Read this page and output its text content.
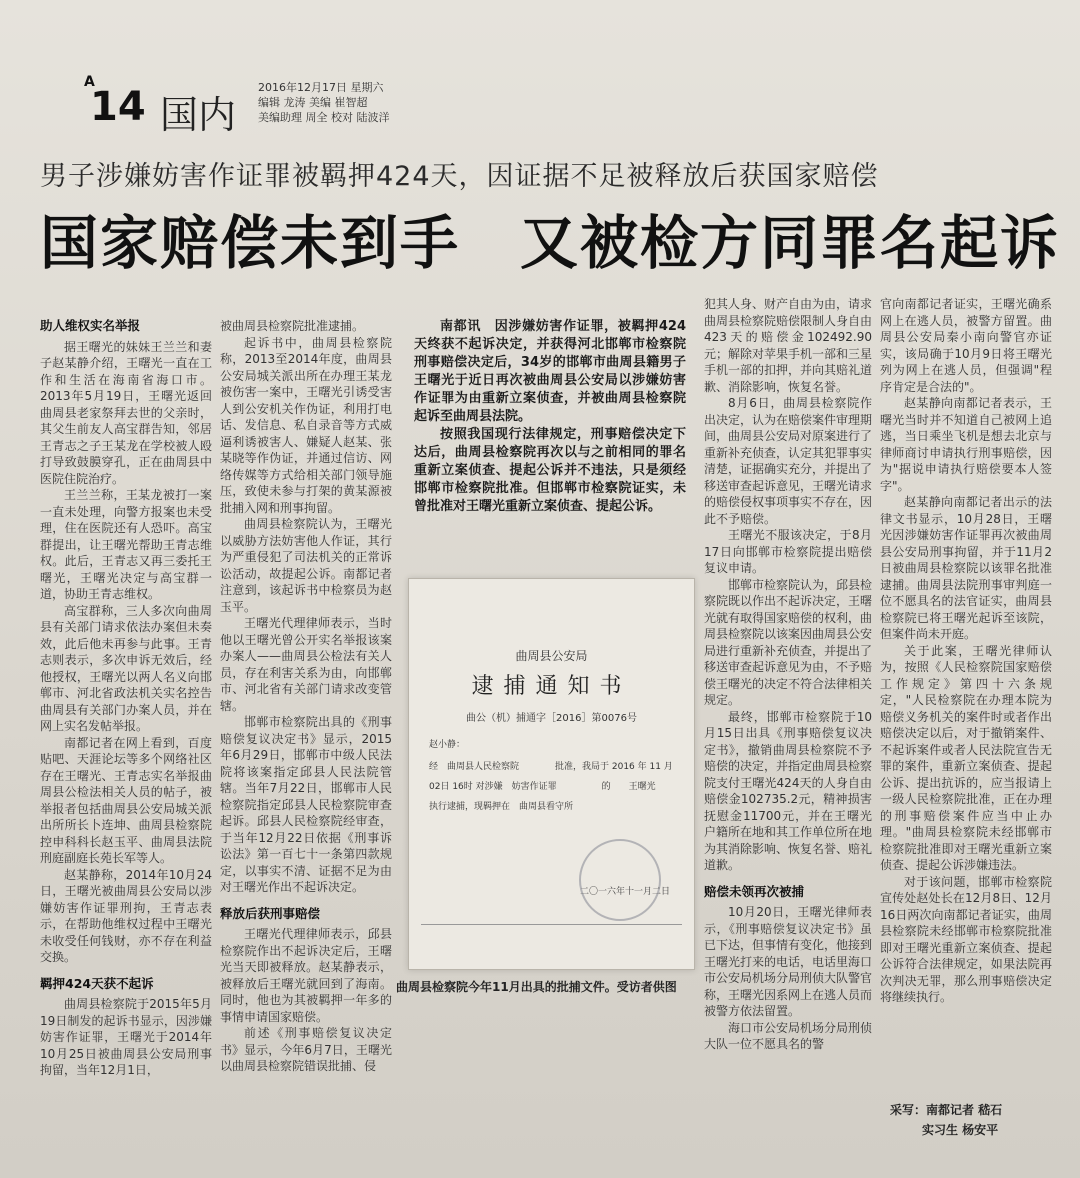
A
14 国内
2016年12月17日 星期六
编辑 龙涛 美编 崔智超
美编助理 周全 校对 陆波洋
男子涉嫌妨害作证罪被羁押424天，因证据不足被释放后获国家赔偿
国家赔偿未到手　又被检方同罪名起诉
助人维权实名举报

据王曙光的妹妹王兰兰和妻子赵某静介绍，王曙光一直在工作和生活在海南省海口市。2013年5月19日，王曙光返回曲周县老家祭拜去世的父亲时，其父生前友人高宝群告知，邻居王青志之子王某龙在学校被人殴打导致鼓膜穿孔，正在曲周县中医院住院治疗。

王兰兰称，王某龙被打一案一直未处理，向警方报案也未受理，住在医院还有人恐吓。高宝群提出，让王曙光帮助王青志维权。此后，王青志又再三委托王曙光，王曙光决定与高宝群一道，协助王青志维权。

高宝群称，三人多次向曲周县有关部门请求依法办案但未奏效，此后他未再参与此事。王青志则表示，多次申诉无效后，经他授权，王曙光以两人名义向邯郸市、河北省政法机关实名控告曲周县有关部门办案人员，并在网上实名发帖举报。

南都记者在网上看到，百度贴吧、天涯论坛等多个网络社区存在王曙光、王青志实名举报曲周县公检法相关人员的帖子，被举报者包括曲周县公安局城关派出所所长卜连坤、曲周县检察院控申科科长赵玉平、曲周县法院刑庭副庭长苑长军等人。

赵某静称，2014年10月24日，王曙光被曲周县公安局以涉嫌妨害作证罪刑拘，王青志表示，在帮助他维权过程中王曙光未收受任何钱财，亦不存在利益交换。

羁押424天获不起诉

曲周县检察院于2015年5月19日制发的起诉书显示，因涉嫌妨害作证罪，王曙光于2014年10月25日被曲周县公安局刑事拘留，当年12月1日，

被曲周县检察院批准逮捕。

起诉书中，曲周县检察院称，2013至2014年度，曲周县公安局城关派出所在办理王某龙被伤害一案中，王曙光引诱受害人到公安机关作伪证，利用打电话、发信息、私自录音等方式威逼利诱被害人、嫌疑人赵某、张某晓等作伪证，并通过信访、网络传媒等方式给相关部门领导施压，致使未参与打架的黄某源被批捕入网和刑事拘留。

曲周县检察院认为，王曙光以威胁方法妨害他人作证，其行为严重侵犯了司法机关的正常诉讼活动，故提起公诉。南都记者注意到，该起诉书中检察员为赵玉平。

王曙光代理律师表示，当时他以王曙光曾公开实名举报该案办案人——曲周县公检法有关人员，存在利害关系为由，向邯郸市、河北省有关部门请求改变管辖。

邯郸市检察院出具的《刑事赔偿复议决定书》显示，2015年6月29日，邯郸市中级人民法院将该案指定邱县人民法院管辖。当年7月22日，邯郸市人民检察院指定邱县人民检察院审查起诉。邱县人民检察院经审查，于当年12月22日依据《刑事诉讼法》第一百七十一条第四款规定，以事实不清、证据不足为由对王曙光作出不起诉决定。

释放后获刑事赔偿

王曙光代理律师表示，邱县检察院作出不起诉决定后，王曙光当天即被释放。赵某静表示，被释放后王曙光就回到了海南。同时，他也为其被羁押一年多的事情申请国家赔偿。

前述《刑事赔偿复议决定书》显示，今年6月7日，王曙光以曲周县检察院错误批捕、侵

南都讯　因涉嫌妨害作证罪，被羁押424天终获不起诉决定，并获得河北邯郸市检察院刑事赔偿决定后，34岁的邯郸市曲周县籍男子王曙光于近日再次被曲周县公安局以涉嫌妨害作证罪为由重新立案侦查，并被曲周县检察院起诉至曲周县法院。

按照我国现行法律规定，刑事赔偿决定下达后，曲周县检察院再次以与之前相同的罪名重新立案侦查、提起公诉并不违法，只是须经邯郸市检察院批准。但邯郸市检察院证实，未曾批准对王曙光重新立案侦查、提起公诉。

曲周县公安局
逮捕通知书
曲公（机）捕通字［2016］第0076号
赵小静：
经　曲周县人民检察院　　　　批准，我局于 2016 年 11 月
02日 16时 对涉嫌　妨害作证罪　　　　　的　　王曙光
执行逮捕，现羁押在　曲周县看守所
二〇一六年十一月二日
曲周县检察院今年11月出具的批捕文件。受访者供图

犯其人身、财产自由为由，请求曲周县检察院赔偿限制人身自由423天的赔偿金102492.90元；解除对苹果手机一部和三星手机一部的扣押，并向其赔礼道歉、消除影响，恢复名誉。

8月6日，曲周县检察院作出决定，认为在赔偿案件审理期间，曲周县公安局对原案进行了重新补充侦查，认定其犯罪事实清楚，证据确实充分，并提出了移送审查起诉意见，王曙光请求的赔偿侵权事项事实不存在，因此不予赔偿。

王曙光不服该决定，于8月17日向邯郸市检察院提出赔偿复议申请。

邯郸市检察院认为，邱县检察院既以作出不起诉决定，王曙光就有取得国家赔偿的权利，曲周县检察院以该案因曲周县公安局进行重新补充侦查，并提出了移送审查起诉意见为由，不予赔偿王曙光的决定不符合法律相关规定。

最终，邯郸市检察院于10月15日出具《刑事赔偿复议决定书》，撤销曲周县检察院不予赔偿的决定，并指定曲周县检察院支付王曙光424天的人身自由赔偿金102735.2元，精神损害抚慰金11700元，并在王曙光户籍所在地和其工作单位所在地为其消除影响、恢复名誉、赔礼道歉。

赔偿未领再次被捕

10月20日，王曙光律师表示，《刑事赔偿复议决定书》虽已下达，但事情有变化，他接到王曙光打来的电话，电话里海口市公安局机场分局刑侦大队警官称，王曙光因系网上在逃人员而被警方依法留置。

海口市公安局机场分局刑侦大队一位不愿具名的警

官向南都记者证实，王曙光确系网上在逃人员，被警方留置。曲周县公安局秦小南向警官亦证实，该局确于10月9日将王曙光列为网上在逃人员，但强调"程序肯定是合法的"。

赵某静向南都记者表示，王曙光当时并不知道自己被网上追逃，当日乘坐飞机是想去北京与律师商讨申请执行刑事赔偿，因为"据说申请执行赔偿要本人签字"。

赵某静向南都记者出示的法律文书显示，10月28日，王曙光因涉嫌妨害作证罪再次被曲周县公安局刑事拘留，并于11月2日被曲周县检察院以该罪名批准逮捕。曲周县法院刑事审判庭一位不愿具名的法官证实，曲周县检察院已将王曙光起诉至该院，但案件尚未开庭。

关于此案，王曙光律师认为，按照《人民检察院国家赔偿工作规定》第四十六条规定，"人民检察院在办理本院为赔偿义务机关的案件时或者作出赔偿决定以后，对于撤销案件、不起诉案件或者人民法院宣告无罪的案件，重新立案侦查、提起公诉、提出抗诉的，应当报请上一级人民检察院批准，正在办理的刑事赔偿案件应当中止办理。"曲周县检察院未经邯郸市检察院批准即对王曙光重新立案侦查、提起公诉涉嫌违法。

对于该问题，邯郸市检察院宣传处赵处长在12月8日、12月16日两次向南都记者证实，曲周县检察院未经邯郸市检察院批准即对王曙光重新立案侦查、提起公诉符合法律规定，如果法院再次判决无罪，那么刑事赔偿决定将继续执行。

采写：南都记者 嵇石
实习生 杨安平
